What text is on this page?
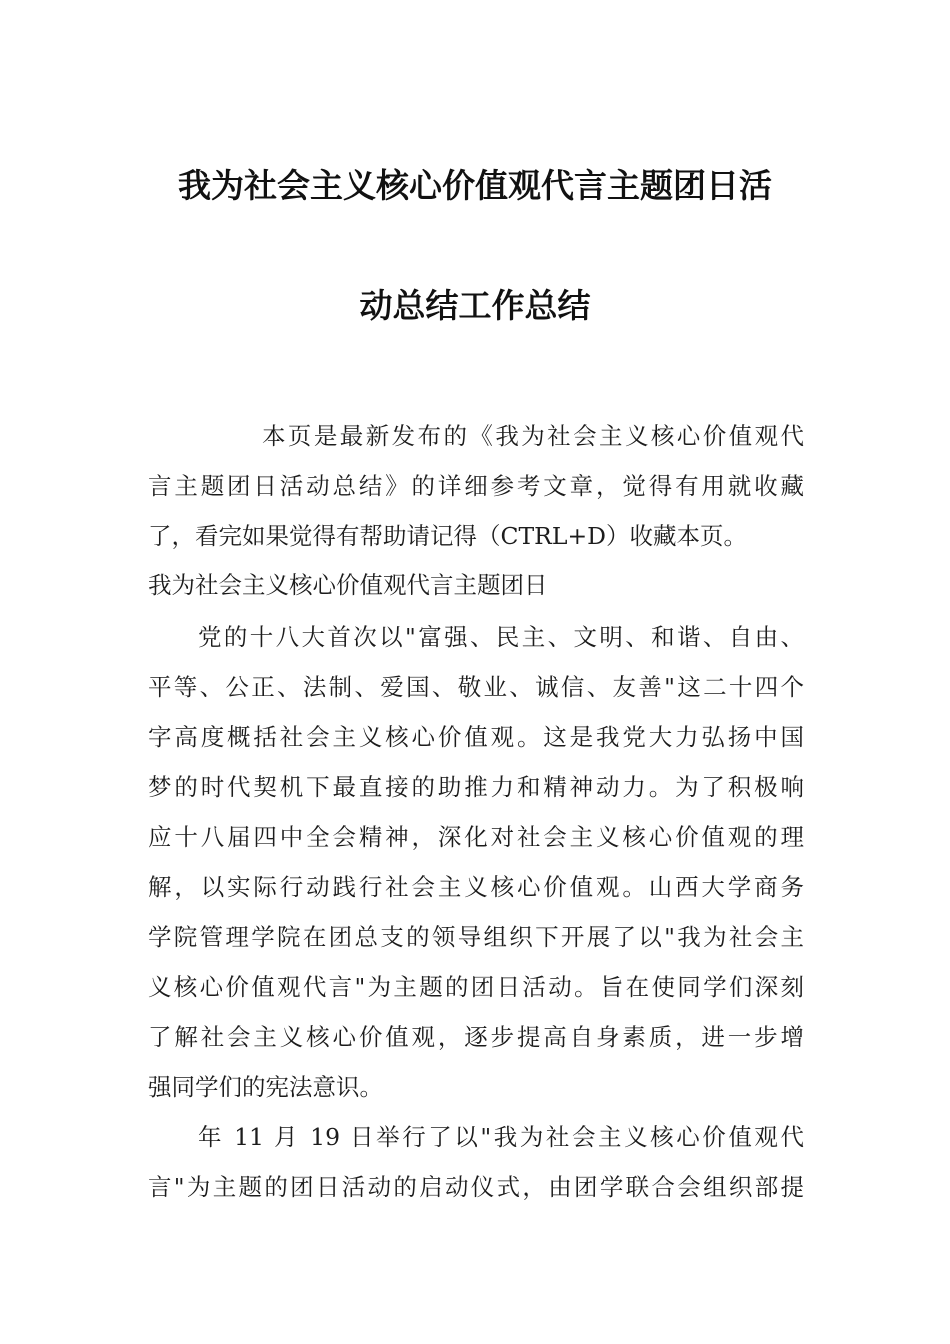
我为社会主义核心价值观代言主题团日活
动总结工作总结
本页是最新发布的《我为社会主义核心价值观代
言主题团日活动总结》的详细参考文章，觉得有用就收藏
了，看完如果觉得有帮助请记得（CTRL+D）收藏本页。
我为社会主义核心价值观代言主题团日
党的十八大首次以"富强、民主、文明、和谐、自由、
平等、公正、法制、爱国、敬业、诚信、友善"这二十四个
字高度概括社会主义核心价值观。这是我党大力弘扬中国
梦的时代契机下最直接的助推力和精神动力。为了积极响
应十八届四中全会精神，深化对社会主义核心价值观的理
解，以实际行动践行社会主义核心价值观。山西大学商务
学院管理学院在团总支的领导组织下开展了以"我为社会主
义核心价值观代言"为主题的团日活动。旨在使同学们深刻
了解社会主义核心价值观，逐步提高自身素质，进一步增
强同学们的宪法意识。
年 11 月 19 日举行了以"我为社会主义核心价值观代
言"为主题的团日活动的启动仪式，由团学联合会组织部提
